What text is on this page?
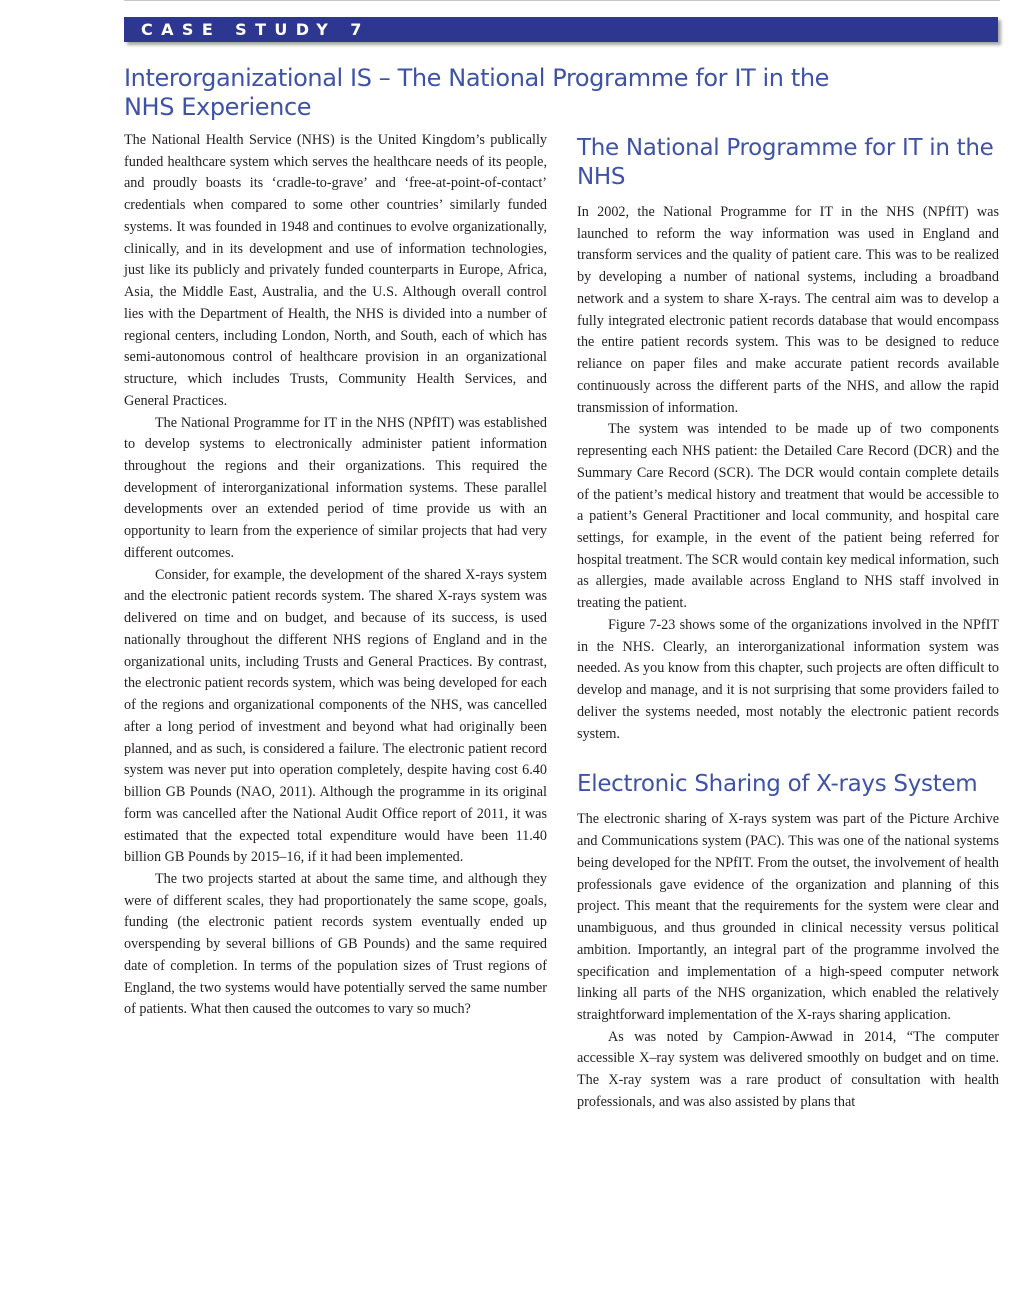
CASE STUDY 7
Interorganizational IS – The National Programme for IT in the NHS Experience

The National Health Service (NHS) is the United Kingdom’s publically funded healthcare system which serves the healthcare needs of its people, and proudly boasts its ‘cradle-to-grave’ and ‘free-at-point-of-contact’ credentials when compared to some other countries’ similarly funded systems. It was founded in 1948 and continues to evolve organizationally, clinically, and in its development and use of information technologies, just like its publicly and privately funded counterparts in Europe, Africa, Asia, the Middle East, Australia, and the U.S. Although overall control lies with the Department of Health, the NHS is divided into a number of regional centers, including London, North, and South, each of which has semi-autonomous control of healthcare provision in an organizational structure, which includes Trusts, Community Health Services, and General Practices.

The National Programme for IT in the NHS (NPfIT) was established to develop systems to electronically administer patient information throughout the regions and their organizations. This required the development of interorganizational information systems. These parallel developments over an extended period of time provide us with an opportunity to learn from the experience of similar projects that had very different outcomes.

Consider, for example, the development of the shared X-rays system and the electronic patient records system. The shared X-rays system was delivered on time and on budget, and because of its success, is used nationally throughout the different NHS regions of England and in the organizational units, including Trusts and General Practices. By contrast, the electronic patient records system, which was being developed for each of the regions and organizational components of the NHS, was cancelled after a long period of investment and beyond what had originally been planned, and as such, is considered a failure. The electronic patient record system was never put into operation completely, despite having cost 6.40 billion GB Pounds (NAO, 2011). Although the programme in its original form was cancelled after the National Audit Office report of 2011, it was estimated that the expected total expenditure would have been 11.40 billion GB Pounds by 2015–16, if it had been implemented.

The two projects started at about the same time, and although they were of different scales, they had proportionately the same scope, goals, funding (the electronic patient records system eventually ended up overspending by several billions of GB Pounds) and the same required date of completion. In terms of the population sizes of Trust regions of England, the two systems would have potentially served the same number of patients. What then caused the outcomes to vary so much?

The National Programme for IT in the NHS

In 2002, the National Programme for IT in the NHS (NPfIT) was launched to reform the way information was used in England and transform services and the quality of patient care. This was to be realized by developing a number of national systems, including a broadband network and a system to share X-rays. The central aim was to develop a fully integrated electronic patient records database that would encompass the entire patient records system. This was to be designed to reduce reliance on paper files and make accurate patient records available continuously across the different parts of the NHS, and allow the rapid transmission of information.

The system was intended to be made up of two components representing each NHS patient: the Detailed Care Record (DCR) and the Summary Care Record (SCR). The DCR would contain complete details of the patient’s medical history and treatment that would be accessible to a patient’s General Practitioner and local community, and hospital care settings, for example, in the event of the patient being referred for hospital treatment. The SCR would contain key medical information, such as allergies, made available across England to NHS staff involved in treating the patient.

Figure 7-23 shows some of the organizations involved in the NPfIT in the NHS. Clearly, an interorganizational information system was needed. As you know from this chapter, such projects are often difficult to develop and manage, and it is not surprising that some providers failed to deliver the systems needed, most notably the electronic patient records system.

Electronic Sharing of X-rays System

The electronic sharing of X-rays system was part of the Picture Archive and Communications system (PAC). This was one of the national systems being developed for the NPfIT. From the outset, the involvement of health professionals gave evidence of the organization and planning of this project. This meant that the requirements for the system were clear and unambiguous, and thus grounded in clinical necessity versus political ambition. Importantly, an integral part of the programme involved the specification and implementation of a high-speed computer network linking all parts of the NHS organization, which enabled the relatively straightforward implementation of the X-rays sharing application.

As was noted by Campion-Awwad in 2014, “The computer accessible X–ray system was delivered smoothly on budget and on time. The X-ray system was a rare product of consultation with health professionals, and was also assisted by plans that
